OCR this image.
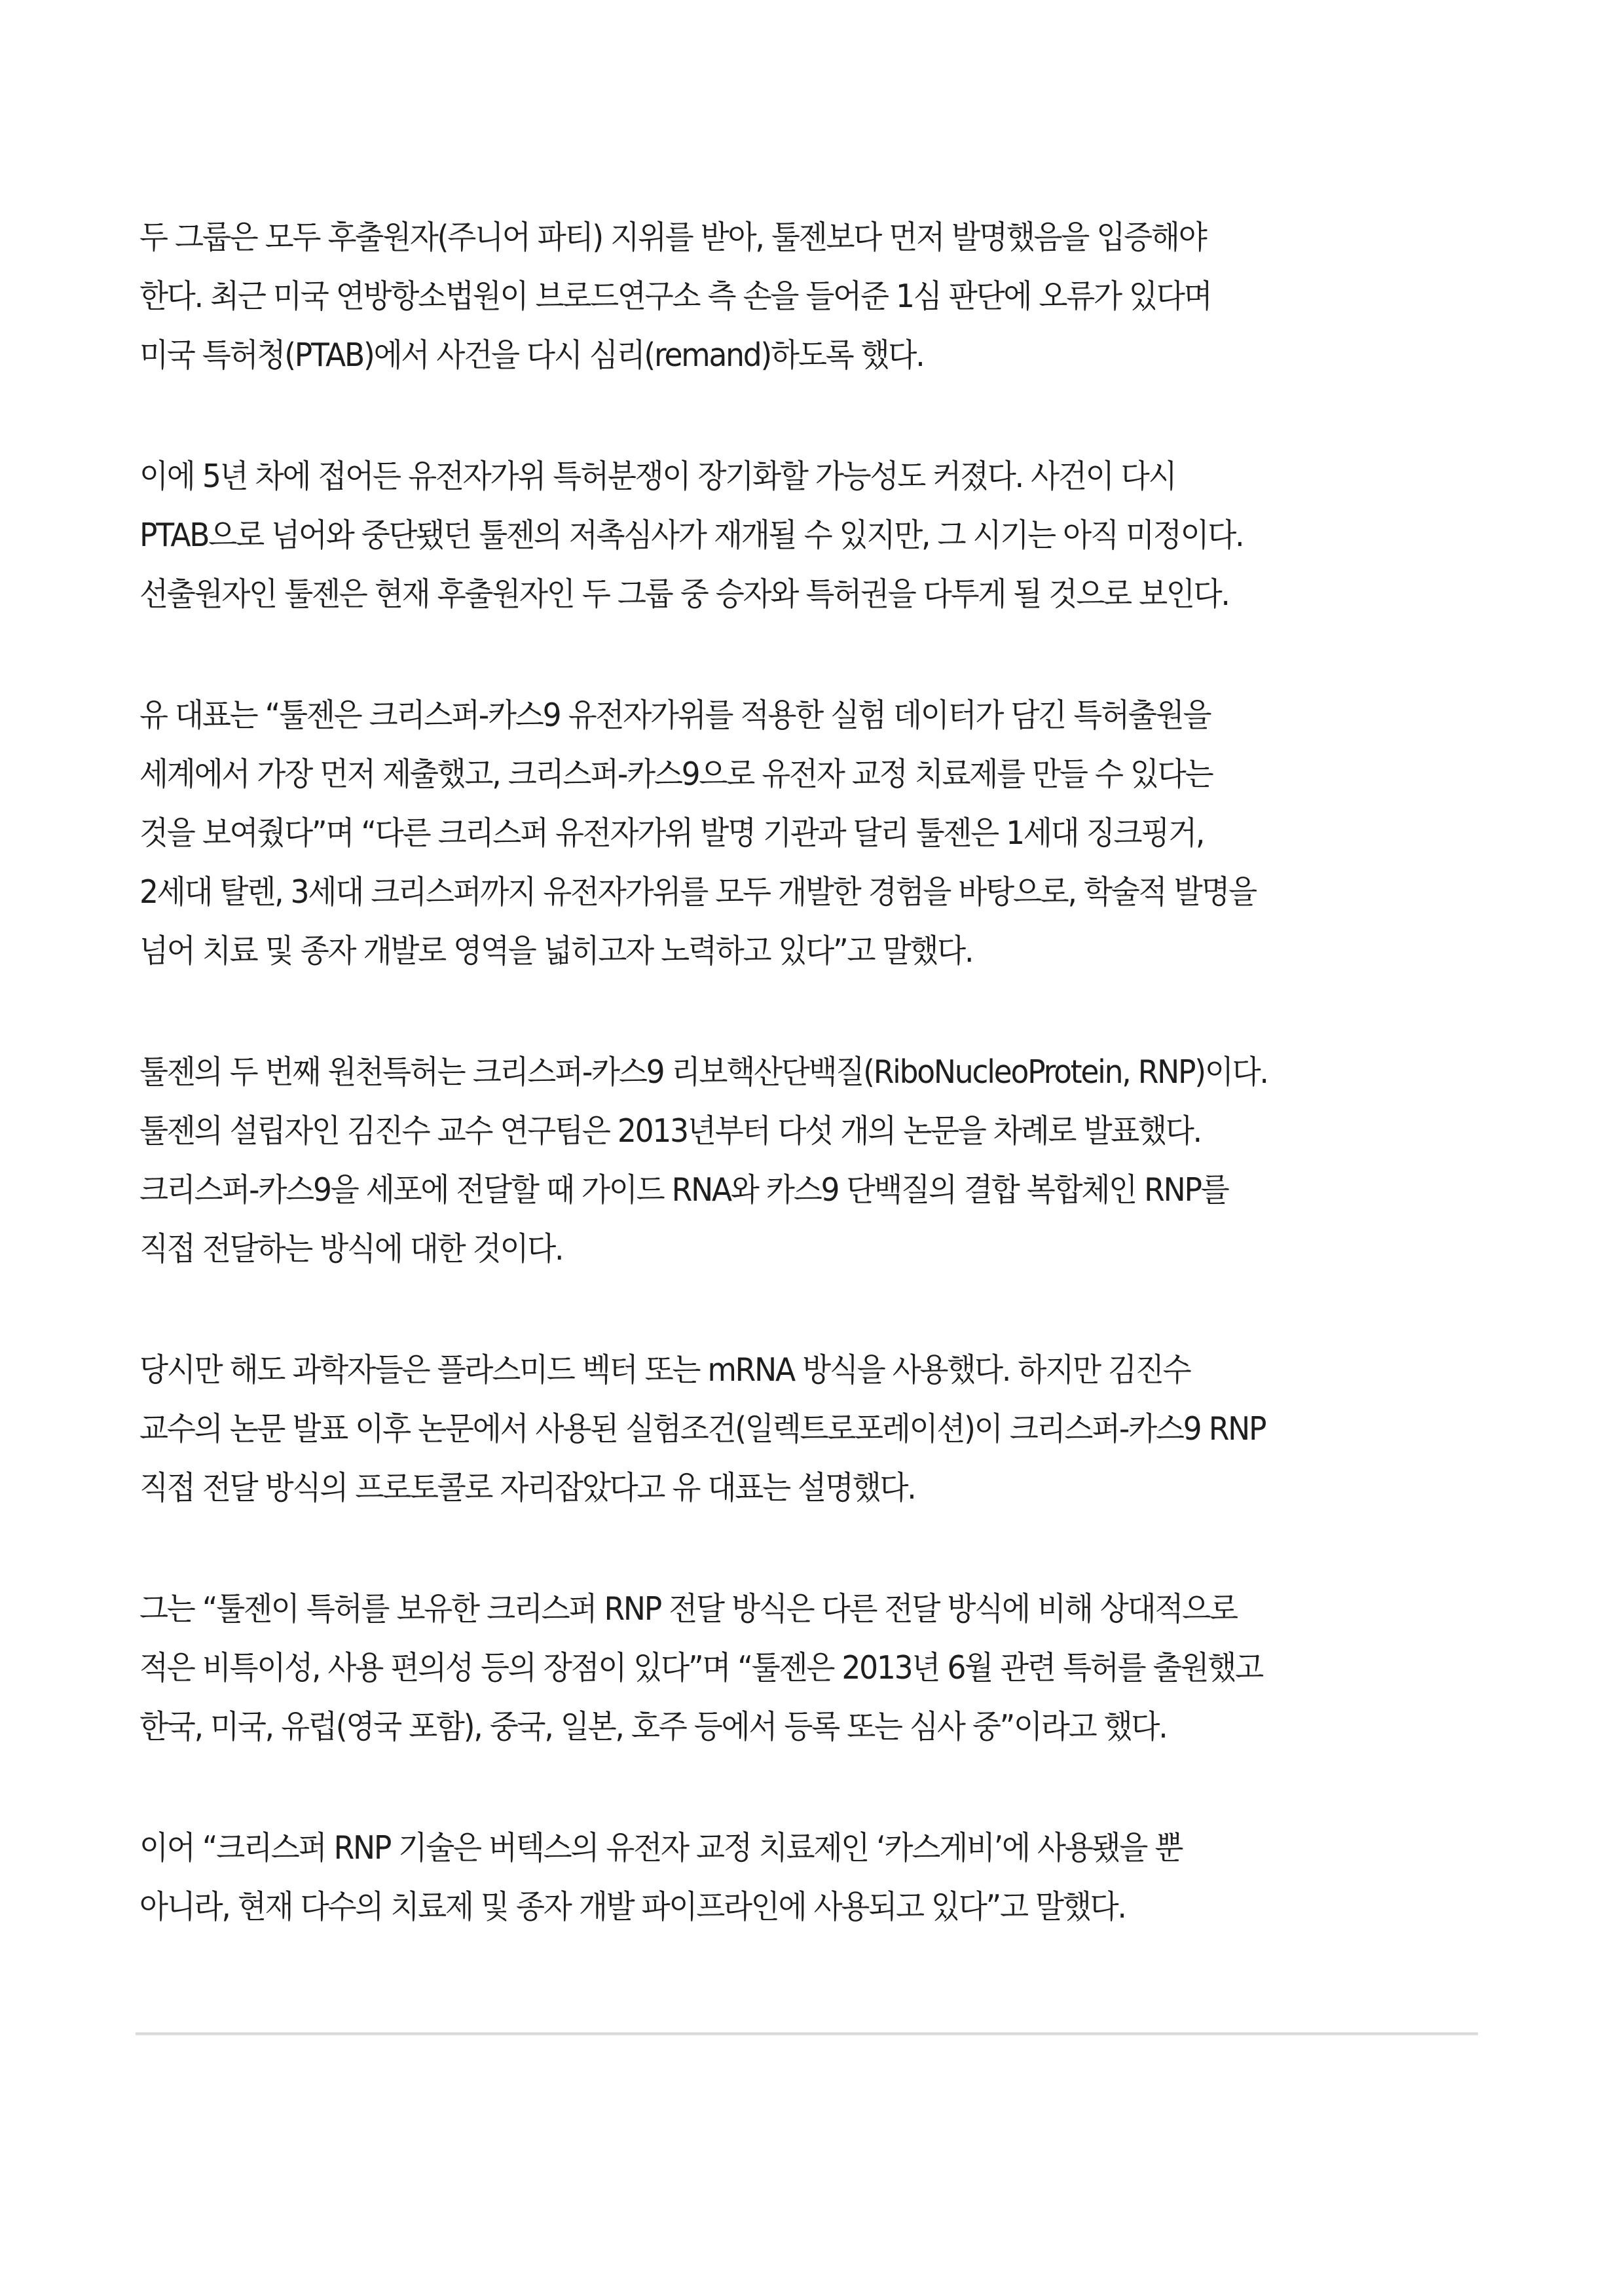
두 그룹은 모두 후출원자(주니어 파티) 지위를 받아, 툴젠보다 먼저 발명했음을 입증해야
한다. 최근 미국 연방항소법원이 브로드연구소 측 손을 들어준 1심 판단에 오류가 있다며
미국 특허청(PTAB)에서 사건을 다시 심리(remand)하도록 했다.

이에 5년 차에 접어든 유전자가위 특허분쟁이 장기화할 가능성도 커졌다. 사건이 다시
PTAB으로 넘어와 중단됐던 툴젠의 저촉심사가 재개될 수 있지만, 그 시기는 아직 미정이다.
선출원자인 툴젠은 현재 후출원자인 두 그룹 중 승자와 특허권을 다투게 될 것으로 보인다.

유 대표는 “툴젠은 크리스퍼-카스9 유전자가위를 적용한 실험 데이터가 담긴 특허출원을
세계에서 가장 먼저 제출했고, 크리스퍼-카스9으로 유전자 교정 치료제를 만들 수 있다는
것을 보여줬다”며 “다른 크리스퍼 유전자가위 발명 기관과 달리 툴젠은 1세대 징크핑거,
2세대 탈렌, 3세대 크리스퍼까지 유전자가위를 모두 개발한 경험을 바탕으로, 학술적 발명을
넘어 치료 및 종자 개발로 영역을 넓히고자 노력하고 있다”고 말했다.

툴젠의 두 번째 원천특허는 크리스퍼-카스9 리보핵산단백질(RiboNucleoProtein, RNP)이다.
툴젠의 설립자인 김진수 교수 연구팀은 2013년부터 다섯 개의 논문을 차례로 발표했다.
크리스퍼-카스9을 세포에 전달할 때 가이드 RNA와 카스9 단백질의 결합 복합체인 RNP를
직접 전달하는 방식에 대한 것이다.

당시만 해도 과학자들은 플라스미드 벡터 또는 mRNA 방식을 사용했다. 하지만 김진수
교수의 논문 발표 이후 논문에서 사용된 실험조건(일렉트로포레이션)이 크리스퍼-카스9 RNP
직접 전달 방식의 프로토콜로 자리잡았다고 유 대표는 설명했다.

그는 “툴젠이 특허를 보유한 크리스퍼 RNP 전달 방식은 다른 전달 방식에 비해 상대적으로
적은 비특이성, 사용 편의성 등의 장점이 있다”며 “툴젠은 2013년 6월 관련 특허를 출원했고
한국, 미국, 유럽(영국 포함), 중국, 일본, 호주 등에서 등록 또는 심사 중”이라고 했다.

이어 “크리스퍼 RNP 기술은 버텍스의 유전자 교정 치료제인 ‘카스게비’에 사용됐을 뿐
아니라, 현재 다수의 치료제 및 종자 개발 파이프라인에 사용되고 있다”고 말했다.
